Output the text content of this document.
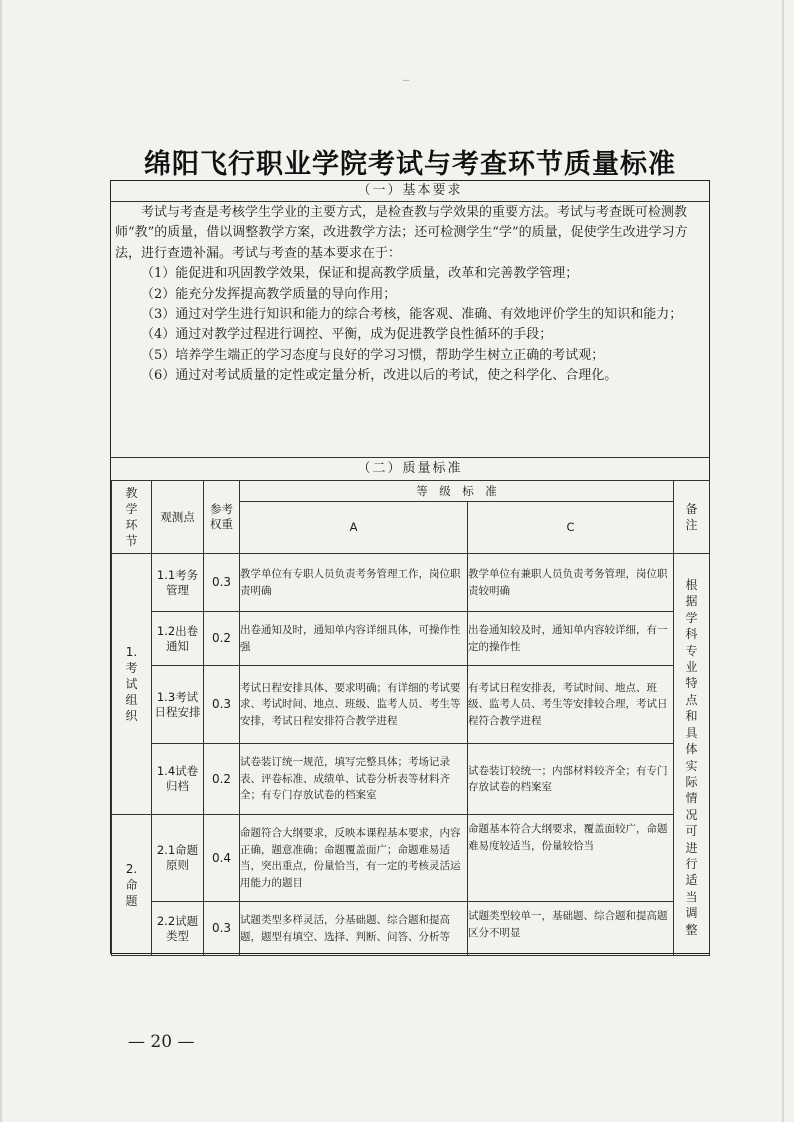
–
绵阳飞行职业学院考试与考查环节质量标准
（一）基本要求

考试与考查是考核学生学业的主要方式，是检查教与学效果的重要方法。考试与考查既可检测教师“教”的质量，借以调整教学方案，改进教学方法；还可检测学生“学”的质量，促使学生改进学习方法，进行查遗补漏。考试与考查的基本要求在于：

（1）能促进和巩固教学效果，保证和提高教学质量，改革和完善教学管理；

（2）能充分发挥提高教学质量的导向作用；

（3）通过对学生进行知识和能力的综合考核，能客观、准确、有效地评价学生的知识和能力；

（4）通过对教学过程进行调控、平衡，成为促进教学良性循环的手段；

（5）培养学生端正的学习态度与良好的学习习惯，帮助学生树立正确的考试观；

（6）通过对考试质量的定性或定量分析，改进以后的考试，使之科学化、合理化。

（二）质量标准
教学环节	观测点	参考权重	等　级　标　准		备注

			A	C	

1.考试组织	1.1考务管理	0.3	教学单位有专职人员负责考务管理工作，岗位职责明确	教学单位有兼职人员负责考务管理，岗位职责较明确	根据学科专业特点和具体实际情况可进行适当调整

	1.2出卷通知	0.2	出卷通知及时，通知单内容详细具体，可操作性强	出卷通知较及时，通知单内容较详细，有一定的操作性	
	1.3考试日程安排	0.3	考试日程安排具体、要求明确；有详细的考试要求、考试时间、地点、班级、监考人员、考生等安排，考试日程安排符合教学进程	有考试日程安排表，考试时间、地点、班级、监考人员、考生等安排较合理，考试日程符合教学进程	
	1.4试卷归档	0.2	试卷装订统一规范，填写完整具体；考场记录表、评卷标准、成绩单、试卷分析表等材料齐全；有专门存放试卷的档案室	试卷装订较统一；内部材料较齐全；有专门存放试卷的档案室	

2.命题	2.1命题原则	0.4	命题符合大纲要求，反映本课程基本要求，内容正确，题意准确；命题覆盖面广；命题难易适当，突出重点，份量恰当，有一定的考核灵活运用能力的题目	命题基本符合大纲要求，覆盖面较广，命题难易度较适当，份量较恰当	
	2.2试题类型	0.3	试题类型多样灵活，分基础题、综合题和提高题，题型有填空、选择、判断、问答、分析等	试题类型较单一，基础题、综合题和提高题区分不明显	
— 20 —
